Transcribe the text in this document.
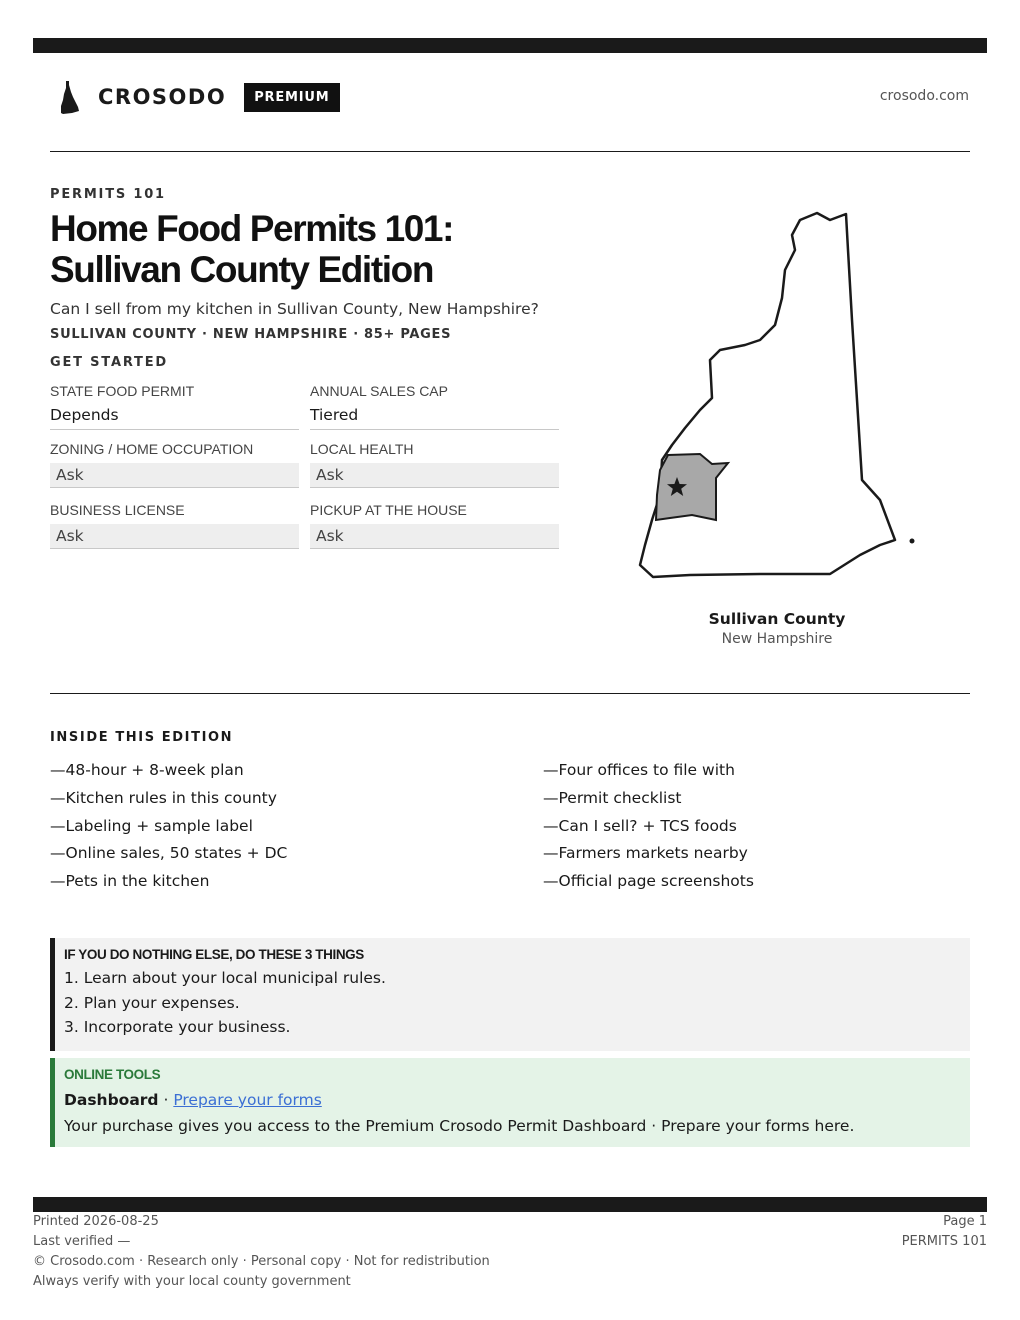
CROSODO	PREMIUM	crosodo.com
PERMITS 101
Home Food Permits 101: Sullivan County Edition
Can I sell from my kitchen in Sullivan County, New Hampshire?
SULLIVAN COUNTY · NEW HAMPSHIRE · 85+ PAGES
GET STARTED
STATE FOOD PERMIT
Depends
ANNUAL SALES CAP
Tiered
ZONING / HOME OCCUPATION
Ask
LOCAL HEALTH
Ask
BUSINESS LICENSE
Ask
PICKUP AT THE HOUSE
Ask
Sullivan County
New Hampshire
INSIDE THIS EDITION
—48-hour + 8-week plan
—Kitchen rules in this county
—Labeling + sample label
—Online sales, 50 states + DC
—Pets in the kitchen
—Four offices to file with
—Permit checklist
—Can I sell? + TCS foods
—Farmers markets nearby
—Official page screenshots
IF YOU DO NOTHING ELSE, DO THESE 3 THINGS
1. Learn about your local municipal rules.
2. Plan your expenses.
3. Incorporate your business.
ONLINE TOOLS
Dashboard · Prepare your forms
Your purchase gives you access to the Premium Crosodo Permit Dashboard · Prepare your forms here.
Printed 2026-08-25
Last verified —
© Crosodo.com · Research only · Personal copy · Not for redistribution
Always verify with your local county government
Page 1
PERMITS 101
